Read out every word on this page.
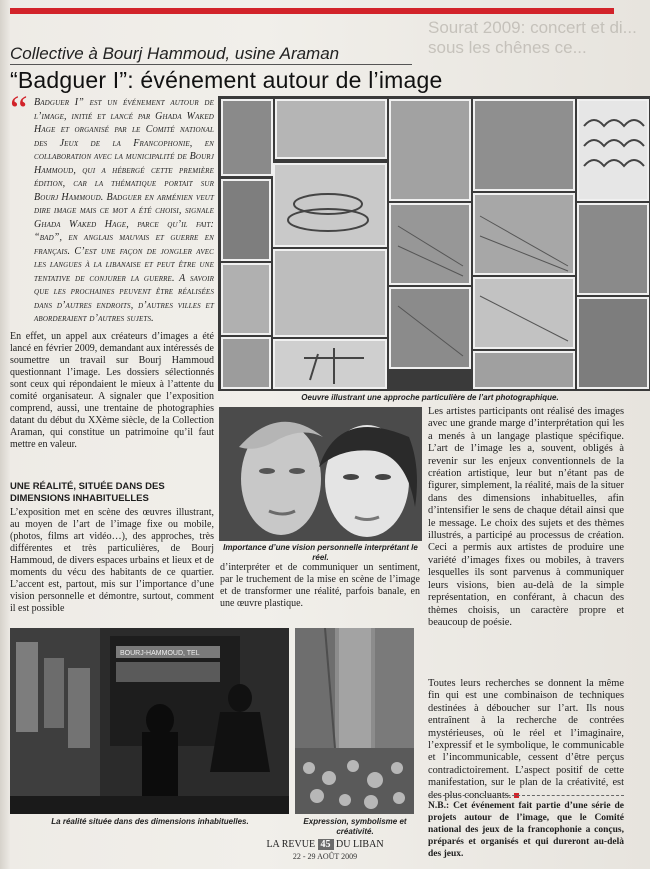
Sourat 2009: concert et di... sous les chênes ce...
Collective à Bourj Hammoud, usine Araman
“Badguer I”: événement autour de l’image
“ Badguer I” est un événement autour de l’image, initié et lancé par Ghada Waked Hage et organisé par le Comité national des Jeux de la Francophonie, en collaboration avec la municipalité de Bourj Hammoud, qui a hébergé cette première édition, car la thématique portait sur Bourj Hammoud. Badguer en arménien veut dire image mais ce mot a été choisi, signale Ghada Waked Hage, parce qu’il fait: “bad”, en anglais mauvais et guerre en français. C’est une façon de jongler avec les langues à la libanaise et peut être une tentative de conjurer la guerre. A savoir que les prochaines peuvent être réalisées dans d’autres endroits, d’autres villes et aborderaient d’autres sujets.
En effet, un appel aux créateurs d’images a été lancé en février 2009, demandant aux intéressés de soumettre un travail sur Bourj Hammoud questionnant l’image. Les dossiers sélectionnés sont ceux qui répondaient le mieux à l’attente du comité organisateur. A signaler que l’exposition comprend, aussi, une trentaine de photographies datant du début du XXème siècle, de la Collection Araman, qui constitue un patrimoine qu’il faut mettre en valeur.
UNE RÉALITÉ, SITUÉE DANS DES DIMENSIONS INHABITUELLES
L’exposition met en scène des œuvres illustrant, au moyen de l’art de l’image fixe ou mobile, (photos, films art vidéo…), des approches, très différentes et très particulières, de Bourj Hammoud, de divers espaces urbains et lieux et de moments du vécu des habitants de ce quartier. L’accent est, partout, mis sur l’importance d’une vision personnelle et démontre, surtout, comment il est possible
d’interpréter et de communiquer un sentiment, par le truchement de la mise en scène de l’image et de transformer une réalité, parfois banale, en une œuvre plastique.
Les artistes participants ont réalisé des images avec une grande marge d’interprétation qui les a menés à un langage plastique spécifique. L’art de l’image les a, souvent, obligés à revenir sur les enjeux conventionnels de la création artistique, leur but n’étant pas de figurer, simplement, la réalité, mais de la situer dans des dimensions inhabituelles, afin d’intensifier le sens de chaque détail ainsi que le message. Le choix des sujets et des thèmes illustrés, a participé au processus de création. Ceci a permis aux artistes de produire une variété d’images fixes ou mobiles, à travers lesquelles ils sont parvenus à communiquer leurs visions, bien au-delà de la simple représentation, en conférant, à chacun des thèmes choisis, un caractère propre et beaucoup de poésie.
Toutes leurs recherches se donnent la même fin qui est une combinaison de techniques destinées à déboucher sur l’art. Ils nous entraînent à la recherche de contrées mystérieuses, où le réel et l’imaginaire, l’expressif et le symbolique, le communicable et l’incommunicable, cessent d’être perçus contradictoirement. L’aspect positif de cette manifestation, sur le plan de la créativité, est des plus concluants.
N.B.: Cet événement fait partie d’une série de projets autour de l’image, que le Comité national des jeux de la francophonie a conçus, préparés et organisés et qui dureront au-delà des jeux.
Oeuvre illustrant une approche particulière de l’art photographique.
Importance d’une vision personnelle interprétant le réel.
BOURJ-HAMMOUD, TEL
La réalité située dans des dimensions inhabituelles.	Expression, symbolisme et créativité.
LA REVUE 45 DU LIBAN
22 - 29 AOÛT 2009
